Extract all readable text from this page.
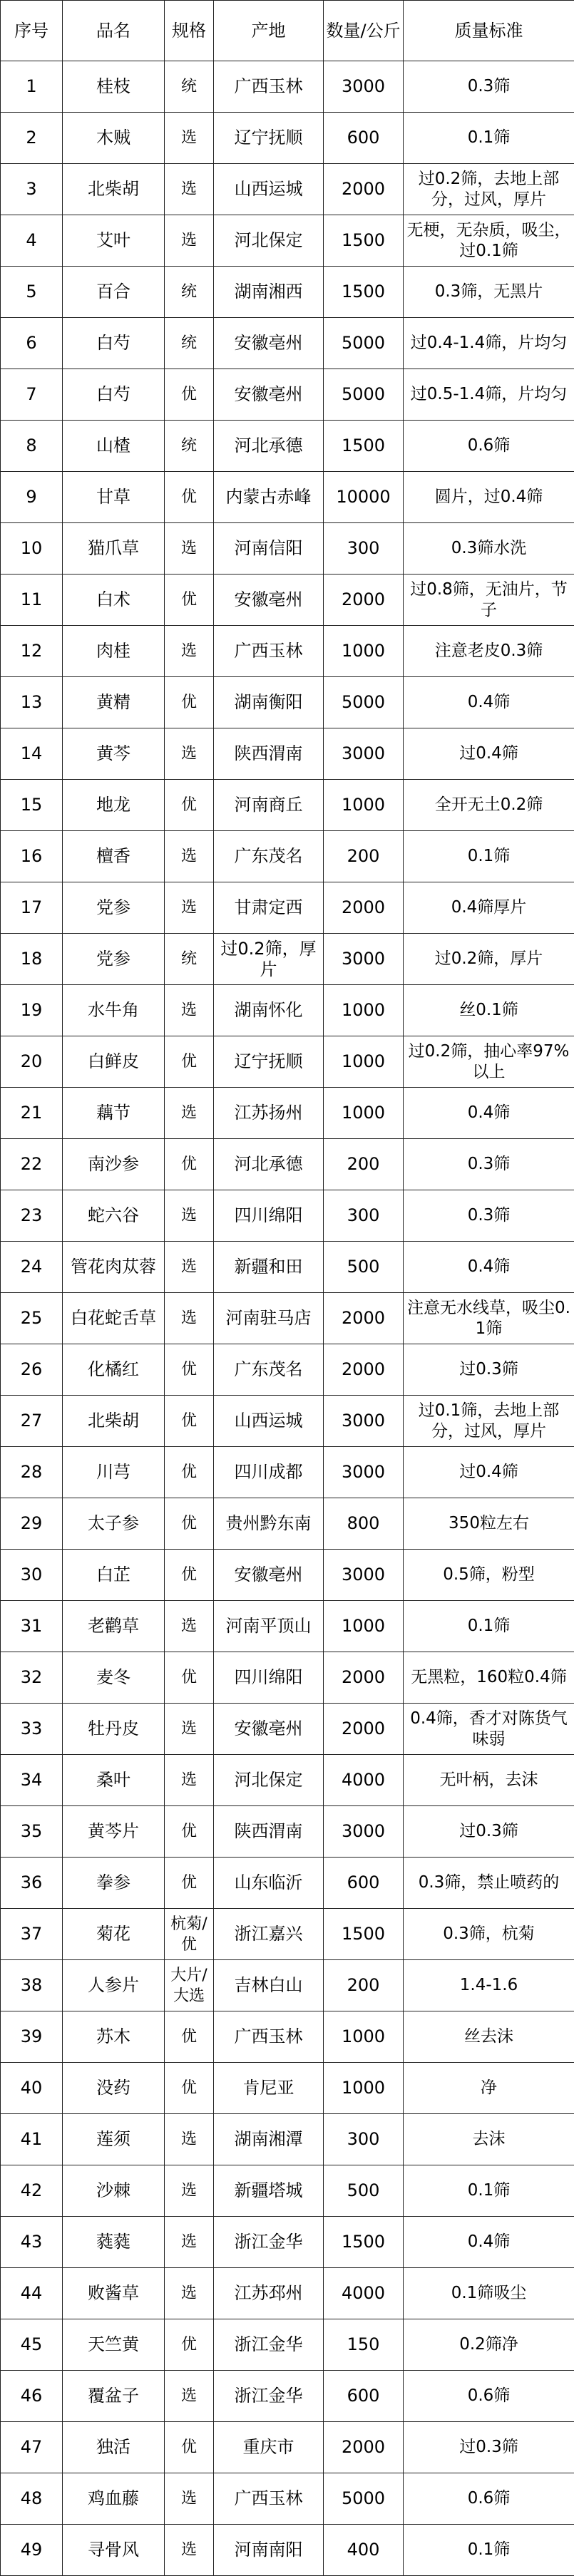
序号	品名	规格	产地	数量/公斤	质量标准
1	桂枝	统	广西玉林	3000	0.3筛
2	木贼	选	辽宁抚顺	600	0.1筛
3	北柴胡	选	山西运城	2000	过0.2筛，去地上部分，过风，厚片
4	艾叶	选	河北保定	1500	无梗，无杂质，吸尘，过0.1筛
5	百合	统	湖南湘西	1500	0.3筛，无黑片
6	白芍	统	安徽亳州	5000	过0.4-1.4筛，片均匀
7	白芍	优	安徽亳州	5000	过0.5-1.4筛，片均匀
8	山楂	统	河北承德	1500	0.6筛
9	甘草	优	内蒙古赤峰	10000	圆片，过0.4筛
10	猫爪草	选	河南信阳	300	0.3筛水洗
11	白术	优	安徽亳州	2000	过0.8筛，无油片，节子
12	肉桂	选	广西玉林	1000	注意老皮0.3筛
13	黄精	优	湖南衡阳	5000	0.4筛
14	黄芩	选	陕西渭南	3000	过0.4筛
15	地龙	优	河南商丘	1000	全开无土0.2筛
16	檀香	选	广东茂名	200	0.1筛
17	党参	选	甘肃定西	2000	0.4筛厚片
18	党参	统	过0.2筛，厚片	3000	过0.2筛，厚片
19	水牛角	选	湖南怀化	1000	丝0.1筛
20	白鲜皮	优	辽宁抚顺	1000	过0.2筛，抽心率97%以上
21	藕节	选	江苏扬州	1000	0.4筛
22	南沙参	优	河北承德	200	0.3筛
23	蛇六谷	选	四川绵阳	300	0.3筛
24	管花肉苁蓉	选	新疆和田	500	0.4筛
25	白花蛇舌草	选	河南驻马店	2000	注意无水线草，吸尘0.1筛
26	化橘红	优	广东茂名	2000	过0.3筛
27	北柴胡	优	山西运城	3000	过0.1筛，去地上部分，过风，厚片
28	川芎	优	四川成都	3000	过0.4筛
29	太子参	优	贵州黔东南	800	350粒左右
30	白芷	优	安徽亳州	3000	0.5筛，粉型
31	老鹳草	选	河南平顶山	1000	0.1筛
32	麦冬	优	四川绵阳	2000	无黑粒，160粒0.4筛
33	牡丹皮	选	安徽亳州	2000	0.4筛，香才对陈货气味弱
34	桑叶	选	河北保定	4000	无叶柄，去沫
35	黄芩片	优	陕西渭南	3000	过0.3筛
36	拳参	优	山东临沂	600	0.3筛，禁止喷药的
37	菊花	杭菊/优	浙江嘉兴	1500	0.3筛，杭菊
38	人参片	大片/大选	吉林白山	200	1.4-1.6
39	苏木	优	广西玉林	1000	丝去沫
40	没药	优	肯尼亚	1000	净
41	莲须	选	湖南湘潭	300	去沫
42	沙棘	选	新疆塔城	500	0.1筛
43	蕤蕤	选	浙江金华	1500	0.4筛
44	败酱草	选	江苏邳州	4000	0.1筛吸尘
45	天竺黄	优	浙江金华	150	0.2筛净
46	覆盆子	选	浙江金华	600	0.6筛
47	独活	优	重庆市	2000	过0.3筛
48	鸡血藤	选	广西玉林	5000	0.6筛
49	寻骨风	选	河南南阳	400	0.1筛
